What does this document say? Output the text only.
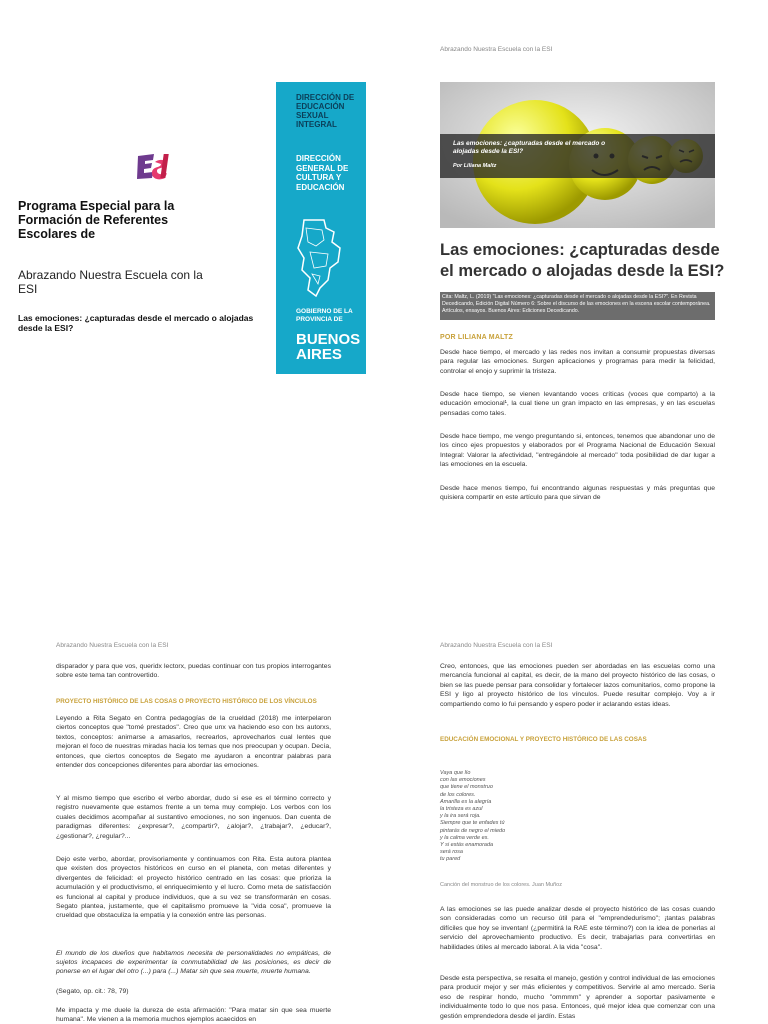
Programa Especial para la Formación de Referentes Escolares de
Abrazando Nuestra Escuela con la ESI
Las emociones: ¿capturadas desde el mercado o alojadas desde la ESI?
DIRECCIÓN DE EDUCACIÓN SEXUAL INTEGRAL
DIRECCIÓN GENERAL DE CULTURA Y EDUCACIÓN
GOBIERNO DE LA PROVINCIA DE
BUENOS AIRES
Abrazando Nuestra Escuela con la ESI
Las emociones: ¿capturadas desde el mercado o alojadas desde la ESI?
Por Liliana Maltz
Las emociones: ¿capturadas desde el mercado o alojadas desde la ESI?
Cita: Maltz, L. (2019) "Las emociones: ¿capturadas desde el mercado o alojadas desde la ESI?". En Revista Decedicando, Edición Digital Número 6: Sobre el discurso de las emociones en la escena escolar contemporánea. Artículos, ensayos. Buenos Aires: Ediciones Decedicando.
POR LILIANA MALTZ
Desde hace tiempo, el mercado y las redes nos invitan a consumir propuestas diversas para regular las emociones. Surgen aplicaciones y programas para medir la felicidad, controlar el enojo y suprimir la tristeza.
Desde hace tiempo, se vienen levantando voces críticas (voces que comparto) a la educación emocional¹, la cual tiene un gran impacto en las empresas, y en las escuelas pensadas como tales.
Desde hace tiempo, me vengo preguntando si, entonces, tenemos que abandonar uno de los cinco ejes propuestos y elaborados por el Programa Nacional de Educación Sexual Integral: Valorar la afectividad, "entregándole al mercado" toda posibilidad de dar lugar a las emociones en la escuela.
Desde hace menos tiempo, fui encontrando algunas respuestas y más preguntas que quisiera compartir en este artículo para que sirvan de
Abrazando Nuestra Escuela con la ESI
disparador y para que vos, queridx lectorx, puedas continuar con tus propios interrogantes sobre este tema tan controvertido.
PROYECTO HISTÓRICO DE LAS COSAS O PROYECTO HISTÓRICO DE LOS VÍNCULOS
Leyendo a Rita Segato en Contra pedagogías de la crueldad (2018) me interpelaron ciertos conceptos que "tomé prestados". Creo que unx va haciendo eso con lxs autorxs, textos, conceptos: animarse a amasarlos, recrearlos, aprovecharlos cual lentes que mejoran el foco de nuestras miradas hacia los temas que nos preocupan y ocupan. Decía, entonces, que ciertos conceptos de Segato me ayudaron a encontrar palabras para entender dos concepciones diferentes para abordar las emociones.
Y al mismo tiempo que escribo el verbo abordar, dudo si ese es el término correcto y registro nuevamente que estamos frente a un tema muy complejo. Los verbos con los cuales decidimos acompañar al sustantivo emociones, no son ingenuos. Dan cuenta de paradigmas diferentes: ¿expresar?, ¿compartir?, ¿alojar?, ¿trabajar?, ¿educar?, ¿gestionar?, ¿regular?...
Dejo este verbo, abordar, provisoriamente y continuamos con Rita. Esta autora plantea que existen dos proyectos históricos en curso en el planeta, con metas diferentes y divergentes de felicidad: el proyecto histórico centrado en las cosas: que prioriza la acumulación y el productivismo, el enriquecimiento y el lucro. Como meta de satisfacción es funcional al capital y produce individuos, que a su vez se transformarán en cosas. Segato plantea, justamente, que el capitalismo promueve la "vida cosa", promueve la crueldad que obstaculiza la empatía y la conexión entre las personas.
El mundo de los dueños que habitamos necesita de personalidades no empáticas, de sujetos incapaces de experimentar la conmutabilidad de las posiciones, es decir de ponerse en el lugar del otro (...) para (...) Matar sin que sea muerte, muerte humana.
(Segato, op. cit.: 78, 79)
Me impacta y me duele la dureza de esta afirmación: "Para matar sin que sea muerte humana". Me vienen a la memoria muchos ejemplos acaecidos en
Abrazando Nuestra Escuela con la ESI
Creo, entonces, que las emociones pueden ser abordadas en las escuelas como una mercancía funcional al capital, es decir, de la mano del proyecto histórico de las cosas, o bien se las puede pensar para consolidar y fortalecer lazos comunitarios, como propone la ESI y ligo al proyecto histórico de los vínculos. Puede resultar complejo. Voy a ir compartiendo como lo fui pensando y espero poder ir aclarando estas ideas.
EDUCACIÓN EMOCIONAL Y PROYECTO HISTÓRICO DE LAS COSAS
Vaya que lío
con las emociones
que tiene el monstruo
de los colores.
Amarilla es la alegría
la tristeza es azul
y la ira será roja.
Siempre que te enfades tú
pintarás de negro el miedo
y la calma verde es.
Y si estás enamorada
será rosa
tu pared
Canción del monstruo de los colores. Juan Muñoz
A las emociones se las puede analizar desde el proyecto histórico de las cosas cuando son consideradas como un recurso útil para el "emprendedurismo"; ¡tantas palabras difíciles que hoy se inventan! (¿permitirá la RAE este término?) con la idea de ponerlas al servicio del aprovechamiento productivo. Es decir, trabajarlas para convertirlas en habilidades útiles al mercado laboral. A la vida "cosa".
Desde esta perspectiva, se resalta el manejo, gestión y control individual de las emociones para producir mejor y ser más eficientes y competitivos. Servirle al amo mercado. Sería eso de respirar hondo, mucho "ommmm" y aprender a soportar pasivamente e individualmente todo lo que nos pasa. Entonces, qué mejor idea que comenzar con una gestión emprendedora desde el jardín. Estas
